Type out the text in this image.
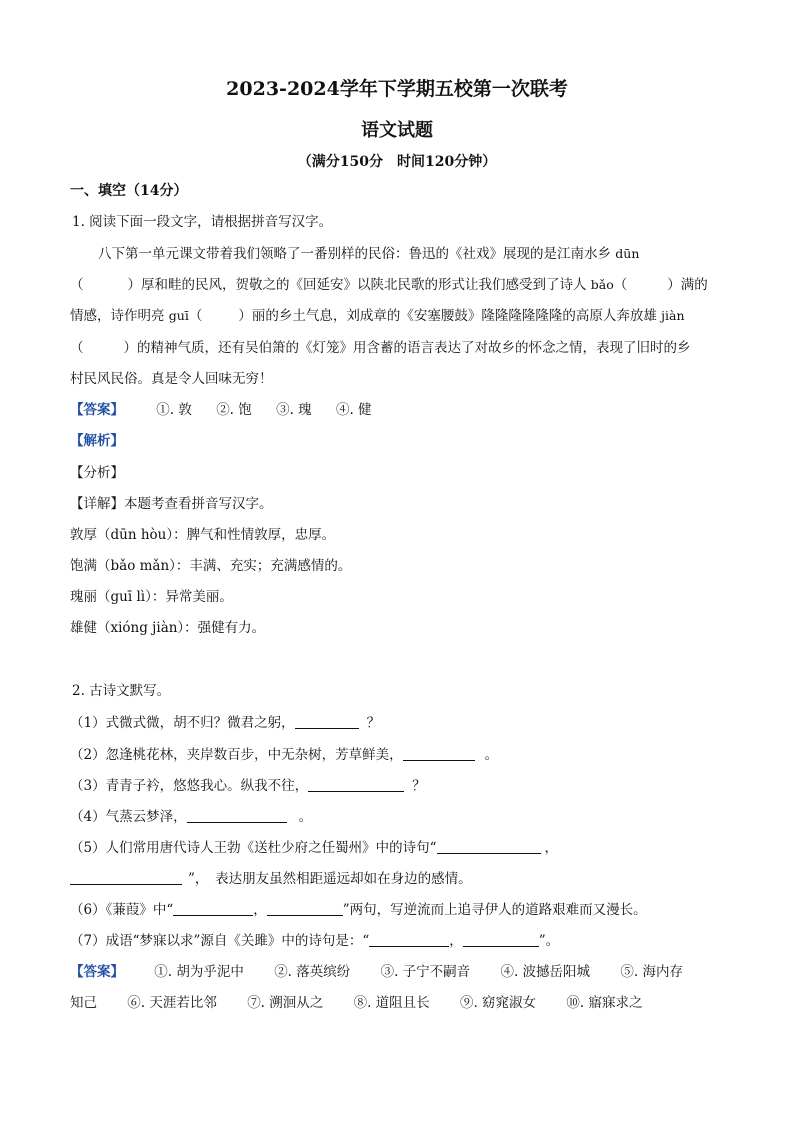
2023-2024学年下学期五校第一次联考
语文试题
（满分150分　时间120分钟）
一、填空（14分）
1. 阅读下面一段文字，请根据拼音写汉字。
八下第一单元课文带着我们领略了一番别样的民俗：鲁迅的《社戏》展现的是江南水乡 dūn
（	）厚和畦的民风，贺敬之的《回延安》以陕北民歌的形式让我们感受到了诗人 bǎo（	）满的
情感，诗作明亮 guī（	）丽的乡土气息，刘成章的《安塞腰鼓》隆隆隆隆隆隆的高原人奔放雄 jiàn
（	）的精神气质，还有吴伯箫的《灯笼》用含蓄的语言表达了对故乡的怀念之情，表现了旧时的乡
村民风民俗。真是令人回味无穷！
【答案】 ①. 敦 ②. 饱 ③. 瑰 ④. 健
【解析】
【分析】
【详解】本题考查看拼音写汉字。
敦厚（dūn hòu）：脾气和性情敦厚，忠厚。
饱满（bǎo mǎn）：丰满、充实；充满感情的。
瑰丽（guī lì）：异常美丽。
雄健（xióng jiàn）：强健有力。
2. 古诗文默写。
（1）式微式微，胡不归？微君之躬，	？
（2）忽逢桃花林，夹岸数百步，中无杂树，芳草鲜美，	。
（3）青青子衿，悠悠我心。纵我不往，	？
（4）气蒸云梦泽，	。
（5）人们常用唐代诗人王勃《送杜少府之任蜀州》中的诗句“	，
”，　表达朋友虽然相距遥远却如在身边的感情。
（6）《蒹葭》中“	，	”两句，写逆流而上追寻伊人的道路艰难而又漫长。
（7）成语“梦寐以求”源自《关雎》中的诗句是：“	，	”。
【答案】 ①. 胡为乎泥中 ②. 落英缤纷 ③. 子宁不嗣音 ④. 波撼岳阳城 ⑤. 海内存
知己 ⑥. 天涯若比邻 ⑦. 溯洄从之 ⑧. 道阻且长 ⑨. 窈窕淑女 ⑩. 寤寐求之
